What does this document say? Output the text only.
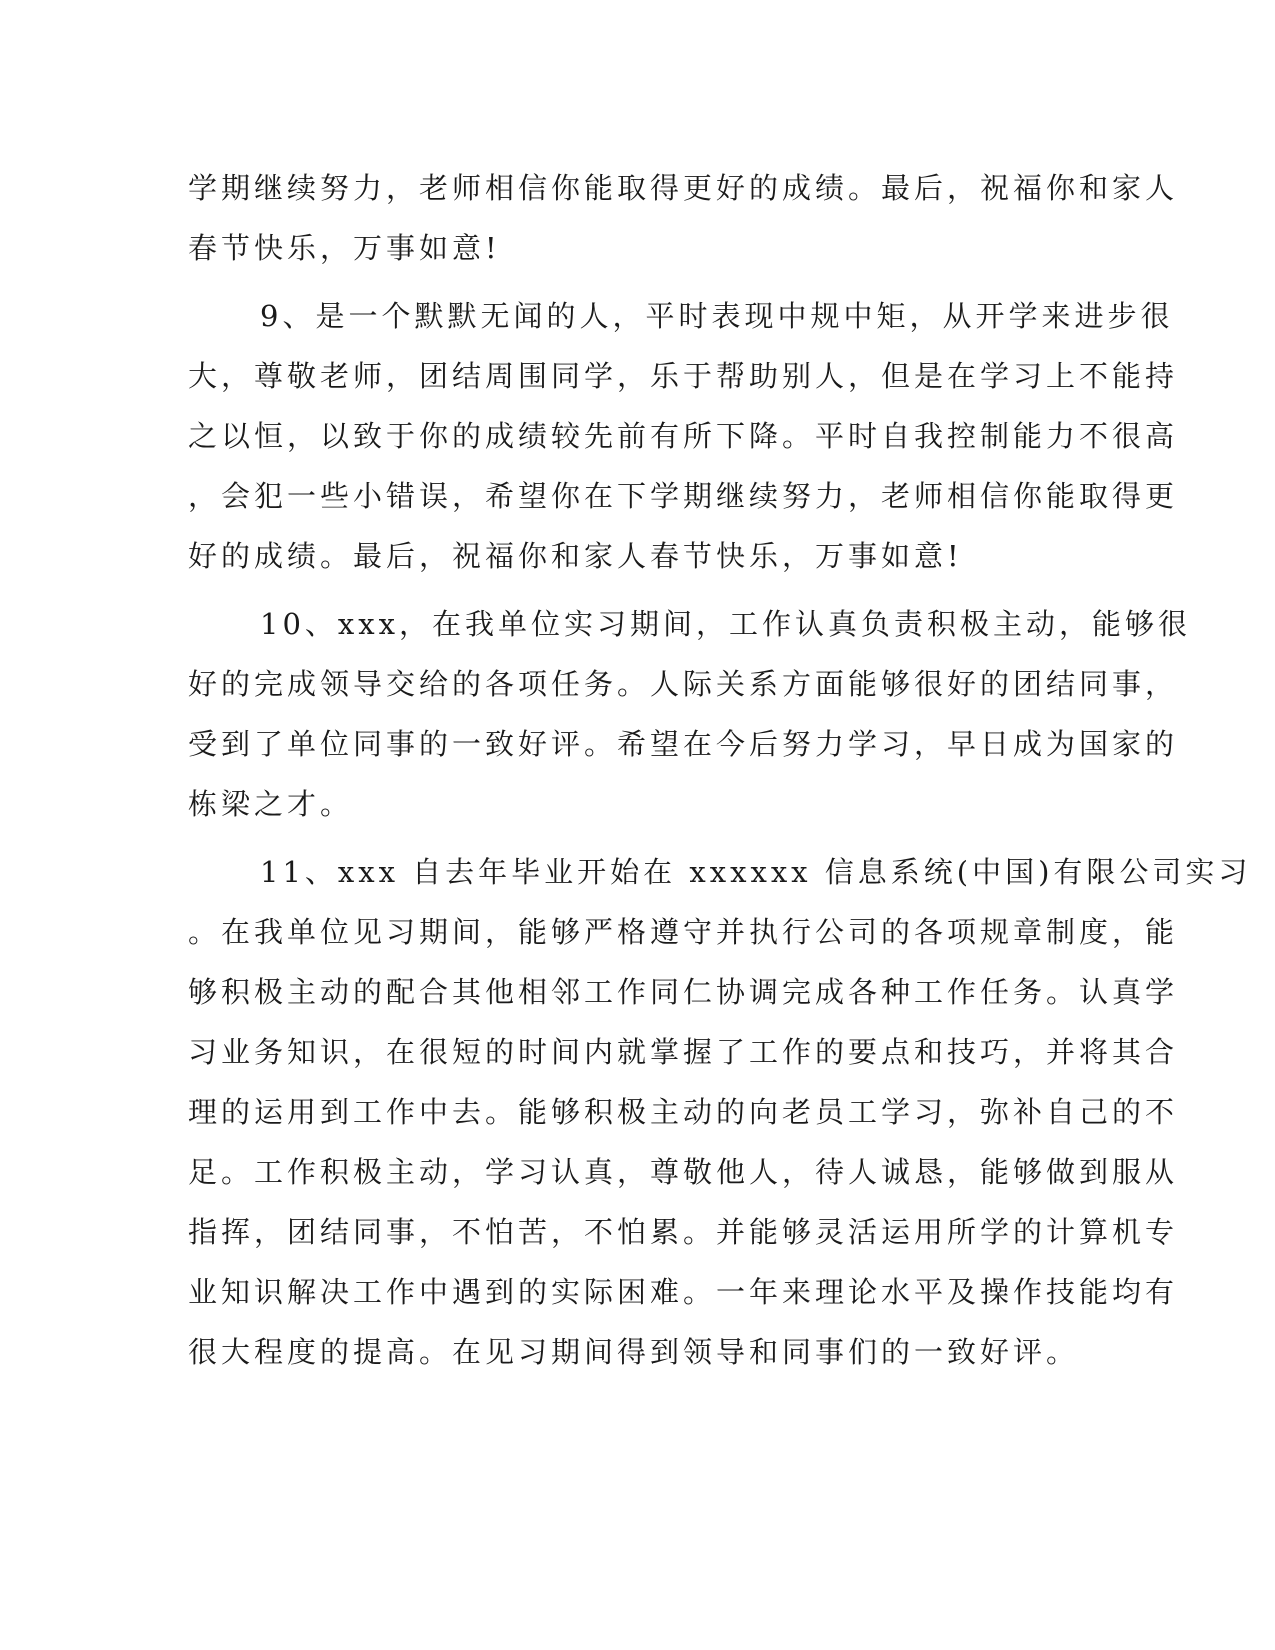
学期继续努力，老师相信你能取得更好的成绩。最后，祝福你和家人
春节快乐，万事如意!
9、是一个默默无闻的人，平时表现中规中矩，从开学来进步很
大，尊敬老师，团结周围同学，乐于帮助别人，但是在学习上不能持
之以恒，以致于你的成绩较先前有所下降。平时自我控制能力不很高
，会犯一些小错误，希望你在下学期继续努力，老师相信你能取得更
好的成绩。最后，祝福你和家人春节快乐，万事如意!
10、xxx，在我单位实习期间，工作认真负责积极主动，能够很
好的完成领导交给的各项任务。人际关系方面能够很好的团结同事，
受到了单位同事的一致好评。希望在今后努力学习，早日成为国家的
栋梁之才。
11、xxx 自去年毕业开始在 xxxxxx 信息系统(中国)有限公司实习
。在我单位见习期间，能够严格遵守并执行公司的各项规章制度，能
够积极主动的配合其他相邻工作同仁协调完成各种工作任务。认真学
习业务知识，在很短的时间内就掌握了工作的要点和技巧，并将其合
理的运用到工作中去。能够积极主动的向老员工学习，弥补自己的不
足。工作积极主动，学习认真，尊敬他人，待人诚恳，能够做到服从
指挥，团结同事，不怕苦，不怕累。并能够灵活运用所学的计算机专
业知识解决工作中遇到的实际困难。一年来理论水平及操作技能均有
很大程度的提高。在见习期间得到领导和同事们的一致好评。
